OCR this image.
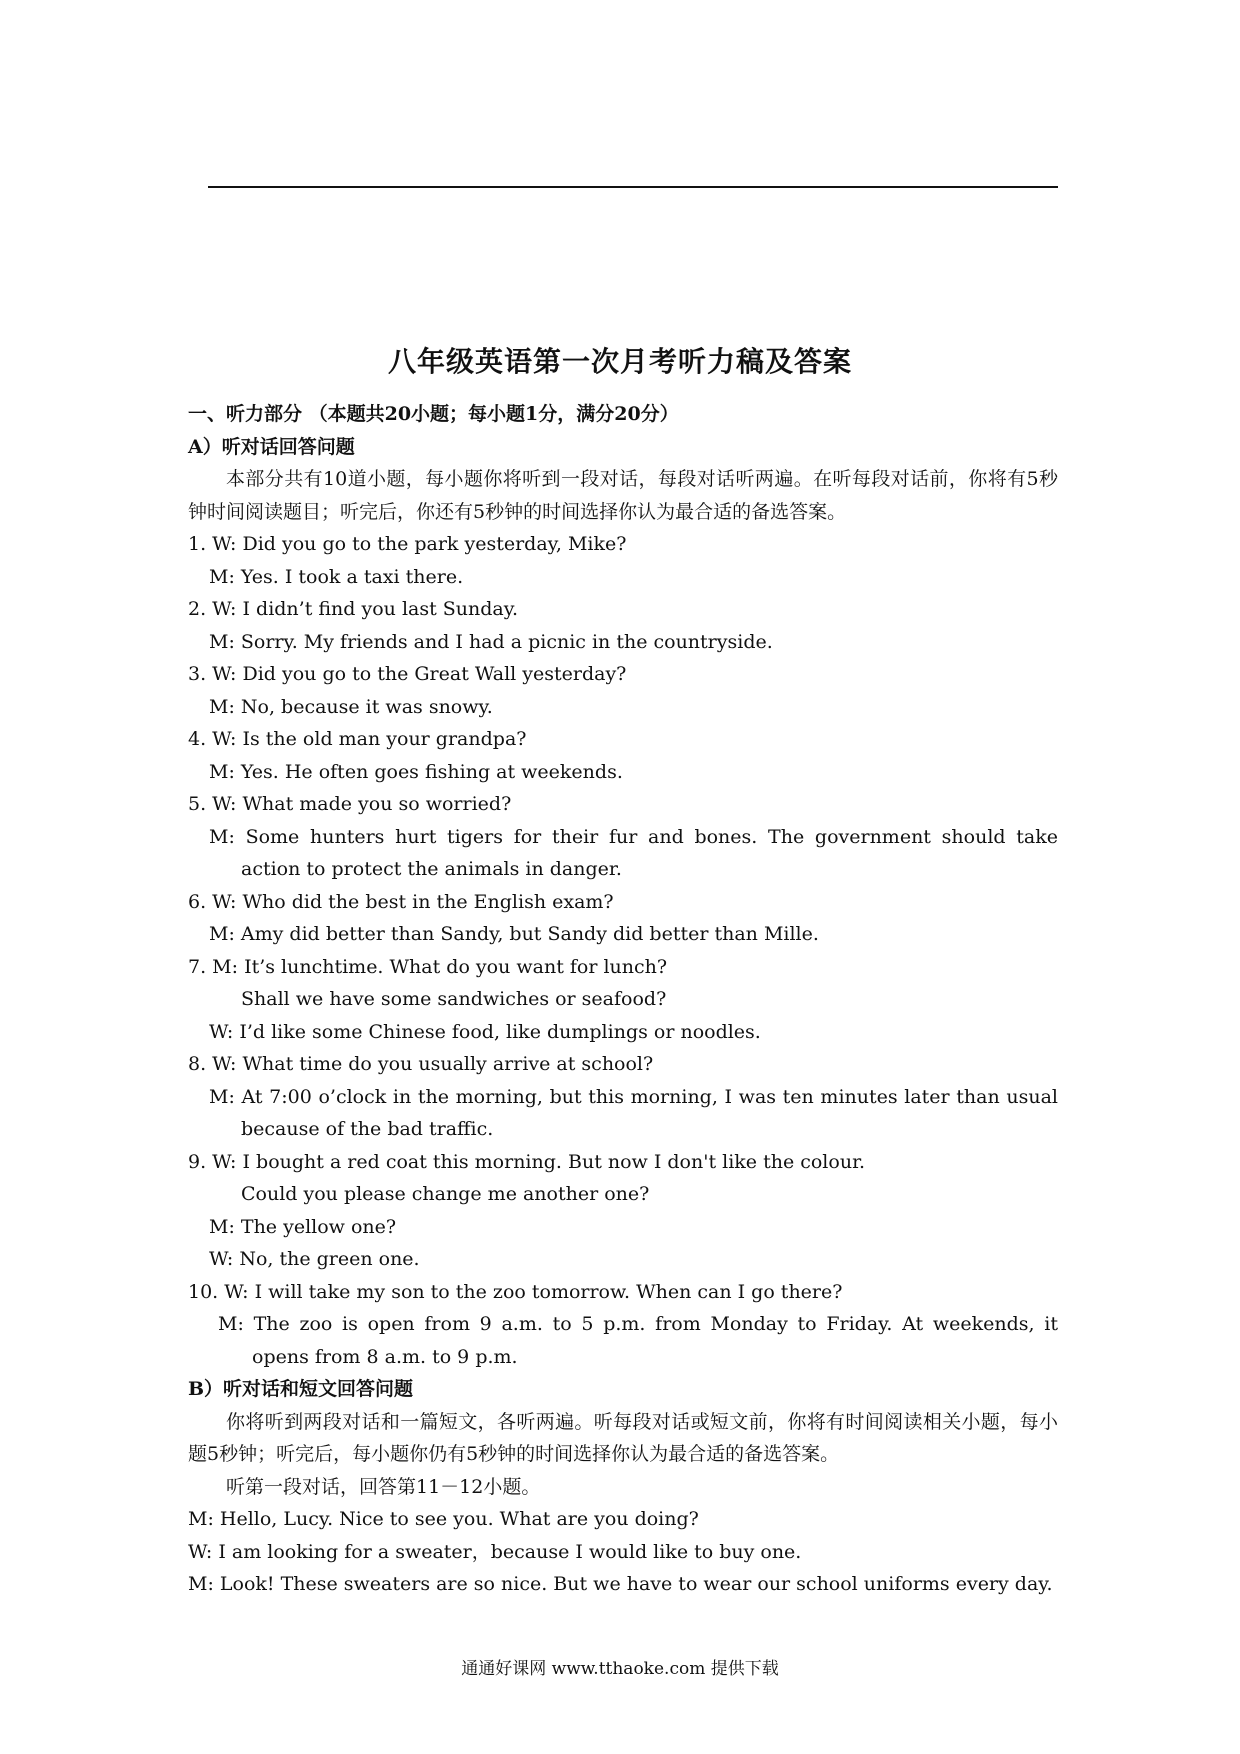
八年级英语第一次月考听力稿及答案
一、听力部分 （本题共20小题；每小题1分，满分20分）
A）听对话回答问题
本部分共有10道小题，每小题你将听到一段对话，每段对话听两遍。在听每段对话前，你将有5秒钟时间阅读题目；听完后，你还有5秒钟的时间选择你认为最合适的备选答案。
1. W: Did you go to the park yesterday, Mike?
M: Yes. I took a taxi there.
2. W: I didn’t find you last Sunday.
M: Sorry. My friends and I had a picnic in the countryside.
3. W: Did you go to the Great Wall yesterday?
M: No, because it was snowy.
4. W: Is the old man your grandpa?
M: Yes. He often goes fishing at weekends.
5. W: What made you so worried?
M: Some hunters hurt tigers for their fur and bones. The government should take action to protect the animals in danger.
6. W: Who did the best in the English exam?
M: Amy did better than Sandy, but Sandy did better than Mille.
7. M: It’s lunchtime. What do you want for lunch?
Shall we have some sandwiches or seafood?
W: I’d like some Chinese food, like dumplings or noodles.
8. W: What time do you usually arrive at school?
M: At 7:00 o’clock in the morning, but this morning, I was ten minutes later than usual because of the bad traffic.
9. W: I bought a red coat this morning. But now I don't like the colour.
Could you please change me another one?
M: The yellow one?
W: No, the green one.
10. W: I will take my son to the zoo tomorrow. When can I go there?
M: The zoo is open from 9 a.m. to 5 p.m. from Monday to Friday. At weekends, it opens from 8 a.m. to 9 p.m.
B）听对话和短文回答问题
你将听到两段对话和一篇短文，各听两遍。听每段对话或短文前，你将有时间阅读相关小题，每小题5秒钟；听完后，每小题你仍有5秒钟的时间选择你认为最合适的备选答案。
听第一段对话，回答第11－12小题。
M: Hello, Lucy. Nice to see you. What are you doing?
W: I am looking for a sweater，because I would like to buy one.
M: Look! These sweaters are so nice. But we have to wear our school uniforms every day.
通通好课网 www.tthaoke.com 提供下载
